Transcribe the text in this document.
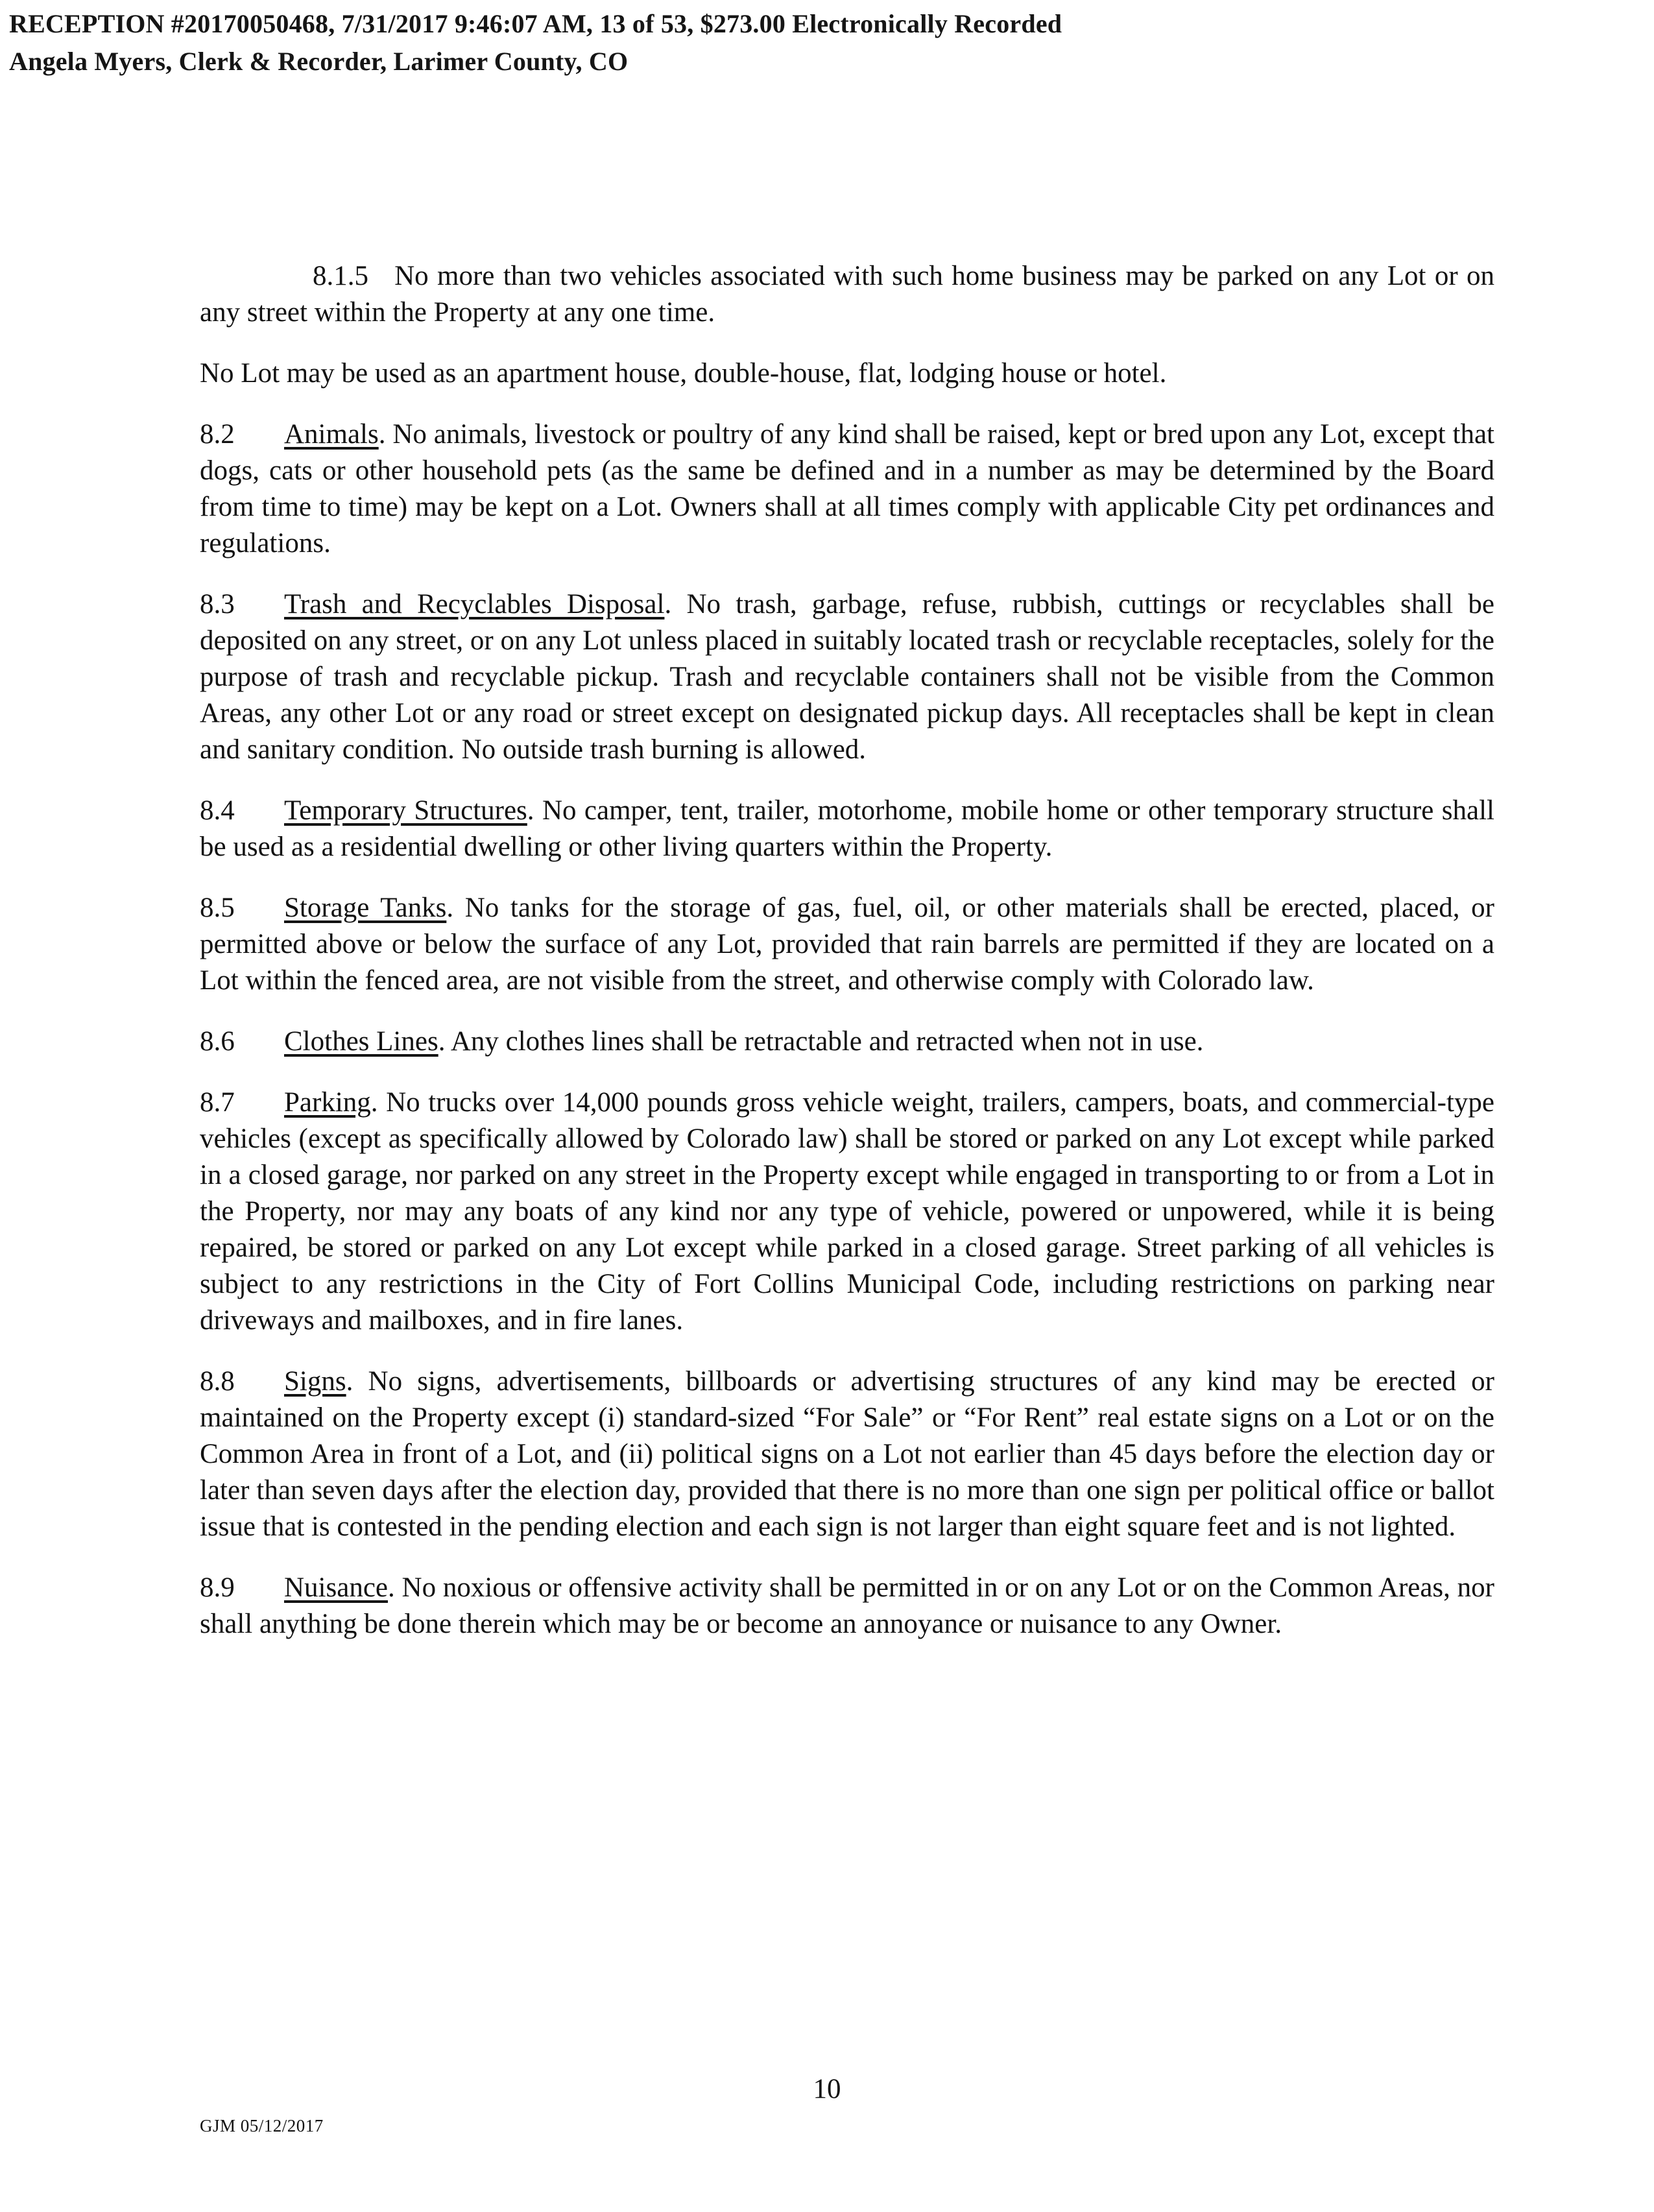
RECEPTION #20170050468, 7/31/2017 9:46:07 AM, 13 of 53, $273.00 Electronically Recorded
Angela Myers, Clerk & Recorder, Larimer County, CO

8.1.5 No more than two vehicles associated with such home business may be parked on any Lot or on any street within the Property at any one time.

No Lot may be used as an apartment house, double-house, flat, lodging house or hotel.

8.2 Animals. No animals, livestock or poultry of any kind shall be raised, kept or bred upon any Lot, except that dogs, cats or other household pets (as the same be defined and in a number as may be determined by the Board from time to time) may be kept on a Lot. Owners shall at all times comply with applicable City pet ordinances and regulations.

8.3 Trash and Recyclables Disposal. No trash, garbage, refuse, rubbish, cuttings or recyclables shall be deposited on any street, or on any Lot unless placed in suitably located trash or recyclable receptacles, solely for the purpose of trash and recyclable pickup. Trash and recyclable containers shall not be visible from the Common Areas, any other Lot or any road or street except on designated pickup days. All receptacles shall be kept in clean and sanitary condition. No outside trash burning is allowed.

8.4 Temporary Structures. No camper, tent, trailer, motorhome, mobile home or other temporary structure shall be used as a residential dwelling or other living quarters within the Property.

8.5 Storage Tanks. No tanks for the storage of gas, fuel, oil, or other materials shall be erected, placed, or permitted above or below the surface of any Lot, provided that rain barrels are permitted if they are located on a Lot within the fenced area, are not visible from the street, and otherwise comply with Colorado law.

8.6 Clothes Lines. Any clothes lines shall be retractable and retracted when not in use.

8.7 Parking. No trucks over 14,000 pounds gross vehicle weight, trailers, campers, boats, and commercial-type vehicles (except as specifically allowed by Colorado law) shall be stored or parked on any Lot except while parked in a closed garage, nor parked on any street in the Property except while engaged in transporting to or from a Lot in the Property, nor may any boats of any kind nor any type of vehicle, powered or unpowered, while it is being repaired, be stored or parked on any Lot except while parked in a closed garage. Street parking of all vehicles is subject to any restrictions in the City of Fort Collins Municipal Code, including restrictions on parking near driveways and mailboxes, and in fire lanes.

8.8 Signs. No signs, advertisements, billboards or advertising structures of any kind may be erected or maintained on the Property except (i) standard-sized “For Sale” or “For Rent” real estate signs on a Lot or on the Common Area in front of a Lot, and (ii) political signs on a Lot not earlier than 45 days before the election day or later than seven days after the election day, provided that there is no more than one sign per political office or ballot issue that is contested in the pending election and each sign is not larger than eight square feet and is not lighted.

8.9 Nuisance. No noxious or offensive activity shall be permitted in or on any Lot or on the Common Areas, nor shall anything be done therein which may be or become an annoyance or nuisance to any Owner.

10
GJM 05/12/2017
